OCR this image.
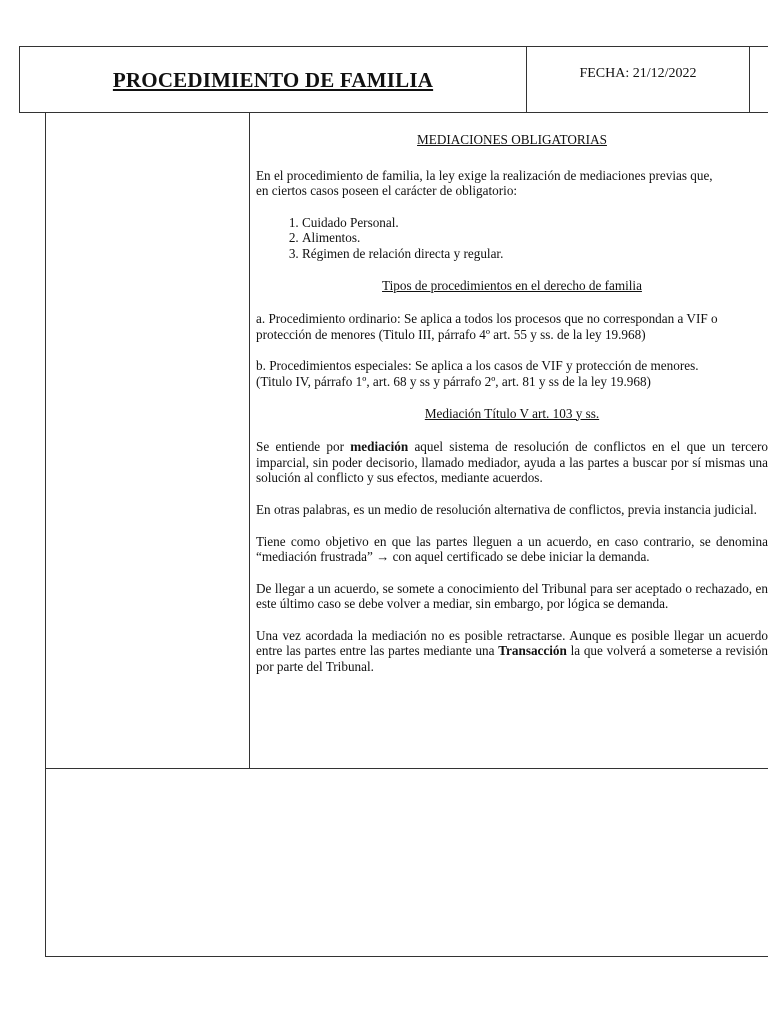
PROCEDIMIENTO DE FAMILIA	FECHA: 21/12/2022

MEDIACIONES OBLIGATORIAS

En el procedimiento de familia, la ley exige la realización de mediaciones previas que,

en ciertos casos poseen el carácter de obligatorio:

1. Cuidado Personal.
2. Alimentos.
3. Régimen de relación directa y regular.

Tipos de procedimientos en el derecho de familia

a. Procedimiento ordinario: Se aplica a todos los procesos que no correspondan a VIF o

protección de menores (Titulo III, párrafo 4º art. 55 y ss. de la ley 19.968)

b. Procedimientos especiales: Se aplica a los casos de VIF y protección de menores.

(Titulo IV, párrafo 1º, art. 68 y ss y párrafo 2º, art. 81 y ss de la ley 19.968)

Mediación Título V art. 103 y ss.

Se entiende por mediación aquel sistema de resolución de conflictos en el que un tercero imparcial, sin poder decisorio, llamado mediador, ayuda a las partes a buscar por sí mismas una solución al conflicto y sus efectos, mediante acuerdos.

En otras palabras, es un medio de resolución alternativa de conflictos, previa instancia judicial.

Tiene como objetivo en que las partes lleguen a un acuerdo, en caso contrario, se denomina “mediación frustrada” → con aquel certificado se debe iniciar la demanda.

De llegar a un acuerdo, se somete a conocimiento del Tribunal para ser aceptado o rechazado, en este último caso se debe volver a mediar, sin embargo, por lógica se demanda.

Una vez acordada la mediación no es posible retractarse. Aunque es posible llegar un acuerdo entre las partes entre las partes mediante una Transacción la que volverá a someterse a revisión por parte del Tribunal.
